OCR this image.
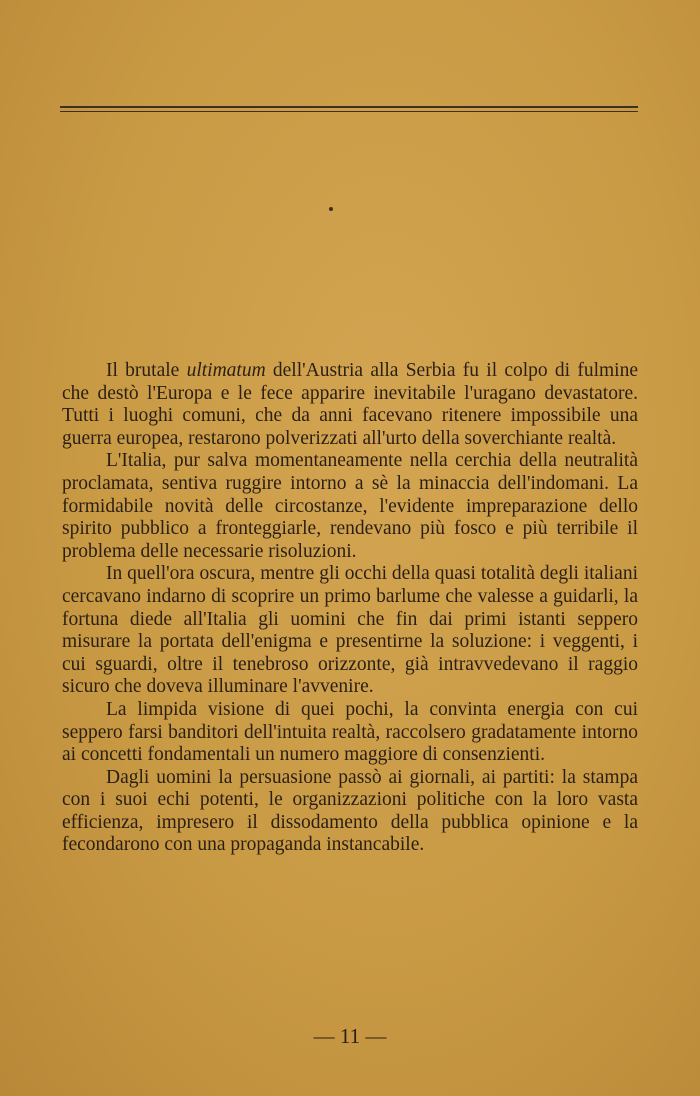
Il brutale ultimatum dell'Austria alla Serbia fu il colpo di fulmine che destò l'Europa e le fece apparire inevitabile l'uragano devastatore. Tutti i luoghi comuni, che da anni facevano ritenere impossibile una guerra europea, restarono polverizzati all'urto della soverchiante realtà.

L'Italia, pur salva momentaneamente nella cerchia della neutralità proclamata, sentiva ruggire intorno a sè la minaccia dell'indomani. La formidabile novità delle circostanze, l'evidente impreparazione dello spirito pubblico a fronteggiarle, rendevano più fosco e più terribile il problema delle necessarie risoluzioni.

In quell'ora oscura, mentre gli occhi della quasi totalità degli italiani cercavano indarno di scoprire un primo barlume che valesse a guidarli, la fortuna diede all'Italia gli uomini che fin dai primi istanti seppero misurare la portata dell'enigma e presentirne la soluzione: i veggenti, i cui sguardi, oltre il tenebroso orizzonte, già intravvedevano il raggio sicuro che doveva illuminare l'avvenire.

La limpida visione di quei pochi, la convinta energia con cui seppero farsi banditori dell'intuita realtà, raccolsero gradatamente intorno ai concetti fondamentali un numero maggiore di consenzienti.

Dagli uomini la persuasione passò ai giornali, ai partiti: la stampa con i suoi echi potenti, le organizzazioni politiche con la loro vasta efficienza, impresero il dissodamento della pubblica opinione e la fecondarono con una propaganda instancabile.

— 11 —
